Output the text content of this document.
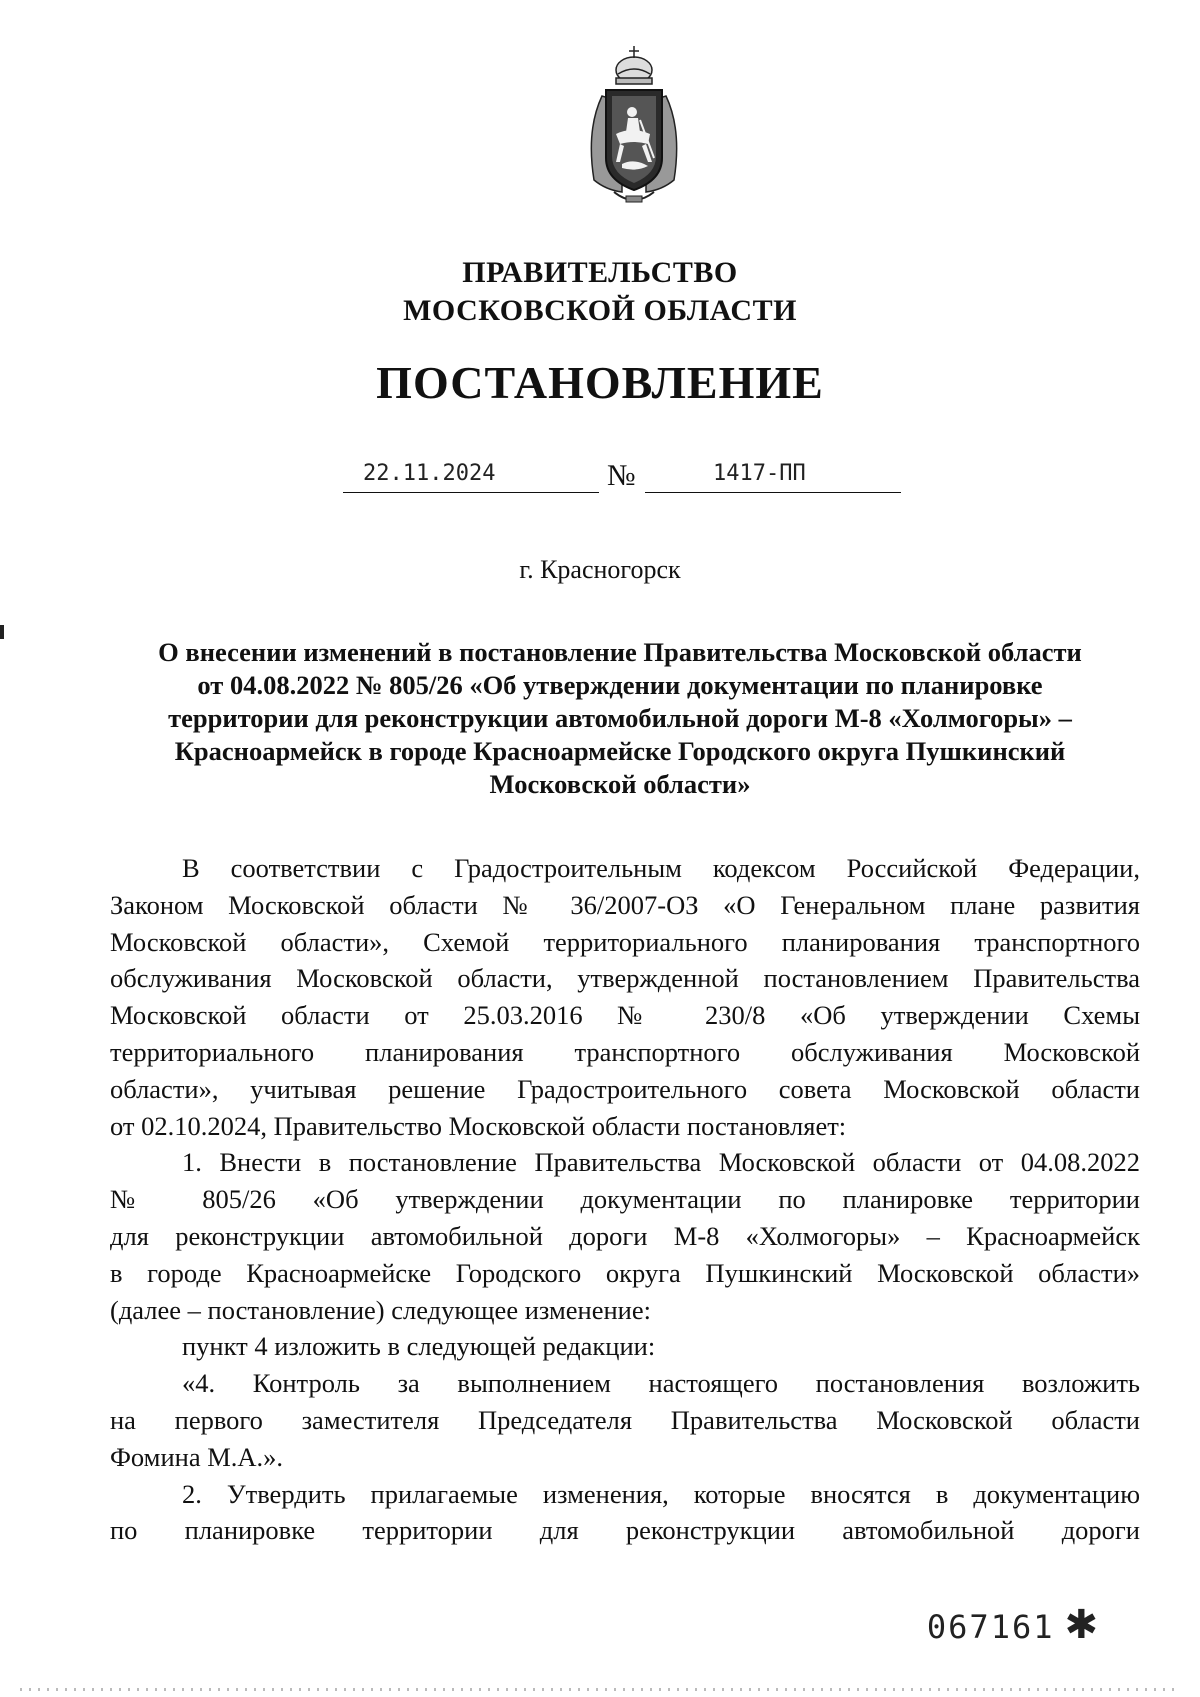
ПРАВИТЕЛЬСТВО
МОСКОВСКОЙ ОБЛАСТИ
ПОСТАНОВЛЕНИЕ
22.11.2024	№	1417-ПП
г. Красногорск
О внесении изменений в постановление Правительства Московской области
от 04.08.2022 № 805/26 «Об утверждении документации по планировке
территории для реконструкции автомобильной дороги М-8 «Холмогоры» –
Красноармейск в городе Красноармейске Городского округа Пушкинский
Московской области»
В соответствии с Градостроительным кодексом Российской Федерации,
Законом Московской области № 36/2007-ОЗ «О Генеральном плане развития
Московской области», Схемой территориального планирования транспортного
обслуживания Московской области, утвержденной постановлением Правительства
Московской области от 25.03.2016 № 230/8 «Об утверждении Схемы
территориального планирования транспортного обслуживания Московской
области», учитывая решение Градостроительного совета Московской области
от 02.10.2024, Правительство Московской области постановляет:
1. Внести в постановление Правительства Московской области от 04.08.2022
№ 805/26 «Об утверждении документации по планировке территории
для реконструкции автомобильной дороги М-8 «Холмогоры» – Красноармейск
в городе Красноармейске Городского округа Пушкинский Московской области»
(далее – постановление) следующее изменение:
пункт 4 изложить в следующей редакции:
«4. Контроль за выполнением настоящего постановления возложить
на первого заместителя Председателя Правительства Московской области
Фомина М.А.».
2. Утвердить прилагаемые изменения, которые вносятся в документацию
по планировке территории для реконструкции автомобильной дороги
067161 ✱
